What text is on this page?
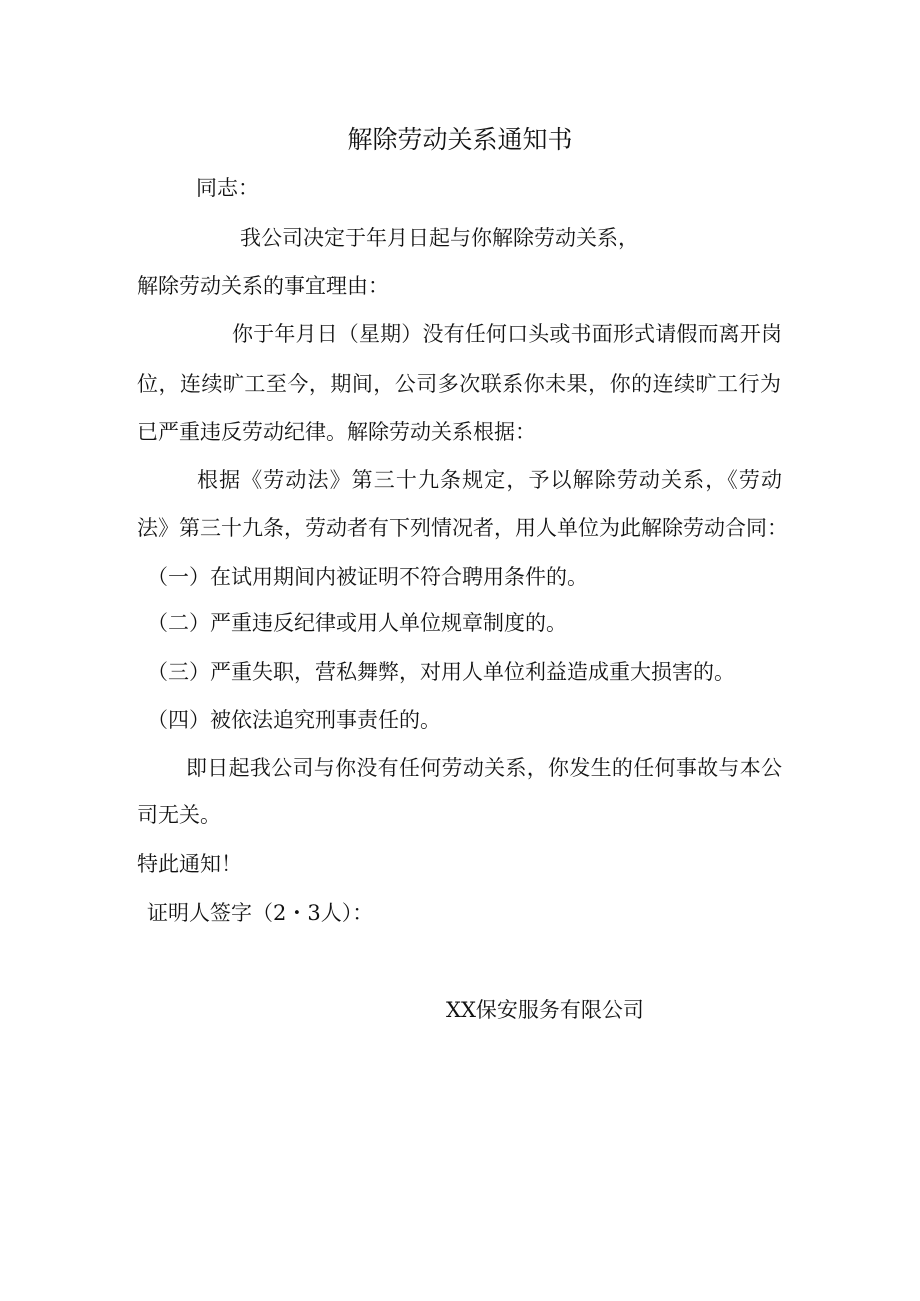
解除劳动关系通知书
同志：
我公司决定于年月日起与你解除劳动关系，
解除劳动关系的事宜理由：
你于年月日（星期）没有任何口头或书面形式请假而离开岗
位，连续旷工至今，期间，公司多次联系你未果，你的连续旷工行为
已严重违反劳动纪律。解除劳动关系根据：
根据《劳动法》第三十九条规定，予以解除劳动关系，《劳动
法》第三十九条，劳动者有下列情况者，用人单位为此解除劳动合同：
（一）在试用期间内被证明不符合聘用条件的。
（二）严重违反纪律或用人单位规章制度的。
（三）严重失职，营私舞弊，对用人单位利益造成重大损害的。
（四）被依法追究刑事责任的。
即日起我公司与你没有任何劳动关系，你发生的任何事故与本公
司无关。
特此通知！
证明人签字（2・3人）：
XX保安服务有限公司
